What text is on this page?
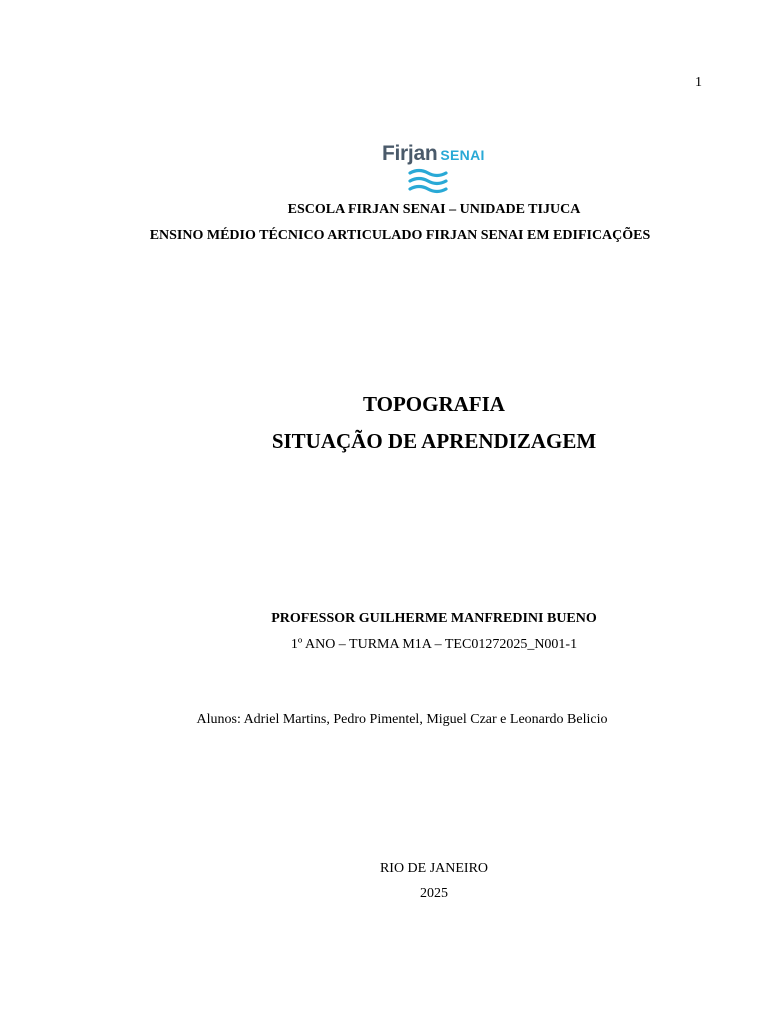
1
Firjan SENAI
ESCOLA FIRJAN SENAI – UNIDADE TIJUCA
ENSINO MÉDIO TÉCNICO ARTICULADO FIRJAN SENAI EM EDIFICAÇÕES
TOPOGRAFIA
SITUAÇÃO DE APRENDIZAGEM
PROFESSOR GUILHERME MANFREDINI BUENO
1º ANO – TURMA M1A – TEC01272025_N001-1
Alunos: Adriel Martins, Pedro Pimentel, Miguel Czar e Leonardo Belicio
RIO DE JANEIRO
2025
